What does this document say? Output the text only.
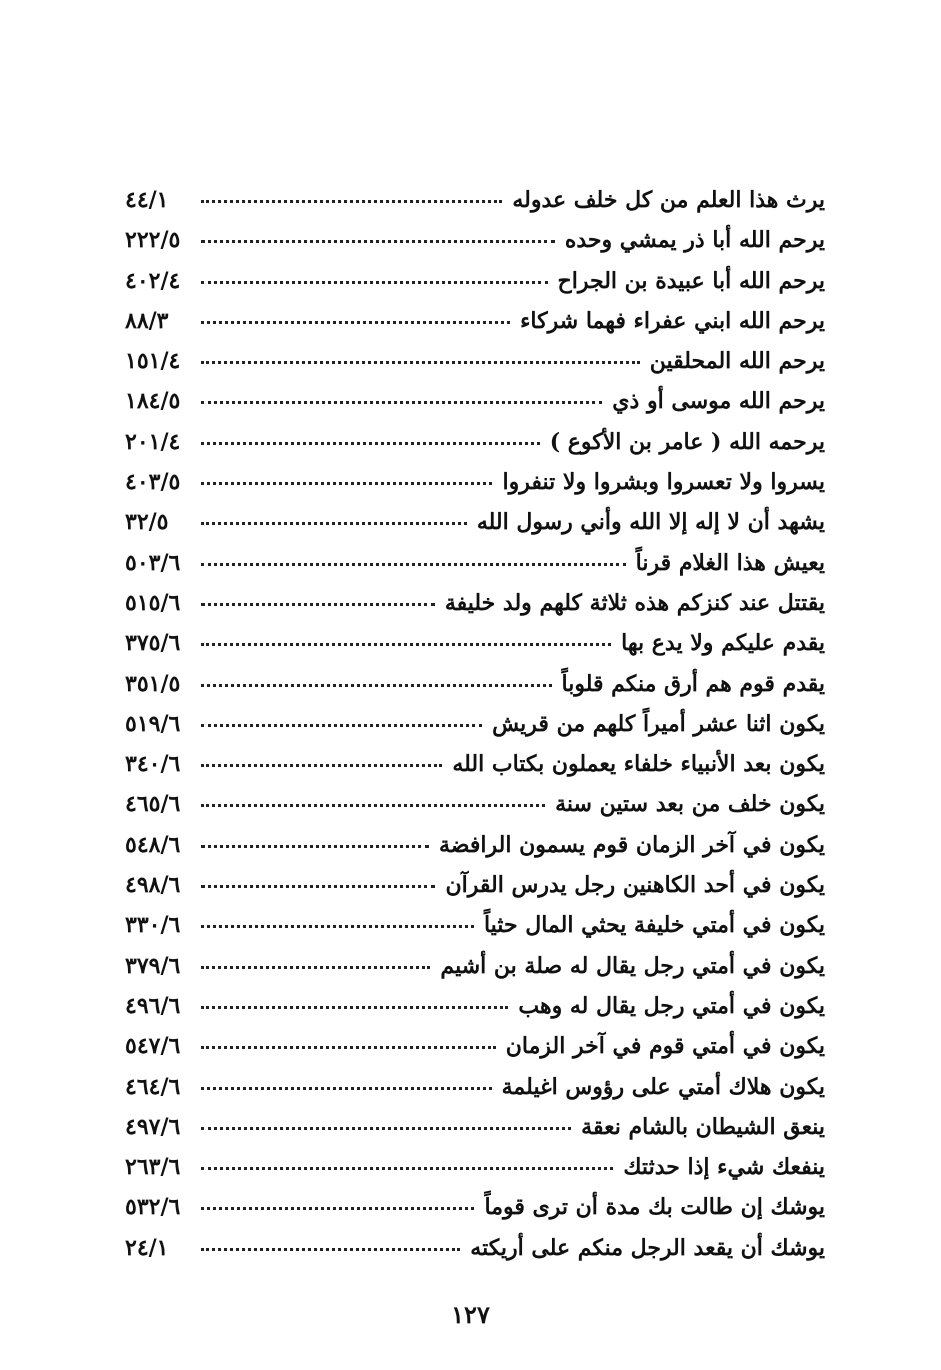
يرث هذا العلم من كل خلف عدوله
٤٤/١
يرحم الله أبا ذر يمشي وحده
٢٢٢/٥
يرحم الله أبا عبيدة بن الجراح
٤٠٢/٤
يرحم الله ابني عفراء فهما شركاء
٨٨/٣
يرحم الله المحلقين
١٥١/٤
يرحم الله موسى أو ذي
١٨٤/٥
يرحمه الله ( عامر بن الأكوع )
٢٠١/٤
يسروا ولا تعسروا وبشروا ولا تنفروا
٤٠٣/٥
يشهد أن لا إله إلا الله وأني رسول الله
٣٢/٥
يعيش هذا الغلام قرناً
٥٠٣/٦
يقتتل عند كنزكم هذه ثلاثة كلهم ولد خليفة
٥١٥/٦
يقدم عليكم ولا يدع بها
٣٧٥/٦
يقدم قوم هم أرق منكم قلوباً
٣٥١/٥
يكون اثنا عشر أميراً كلهم من قريش
٥١٩/٦
يكون بعد الأنبياء خلفاء يعملون بكتاب الله
٣٤٠/٦
يكون خلف من بعد ستين سنة
٤٦٥/٦
يكون في آخر الزمان قوم يسمون الرافضة
٥٤٨/٦
يكون في أحد الكاهنين رجل يدرس القرآن
٤٩٨/٦
يكون في أمتي خليفة يحثي المال حثياً
٣٣٠/٦
يكون في أمتي رجل يقال له صلة بن أشيم
٣٧٩/٦
يكون في أمتي رجل يقال له وهب
٤٩٦/٦
يكون في أمتي قوم في آخر الزمان
٥٤٧/٦
يكون هلاك أمتي على رؤوس اغيلمة
٤٦٤/٦
ينعق الشيطان بالشام نعقة
٤٩٧/٦
ينفعك شيء إذا حدثتك
٢٦٣/٦
يوشك إن طالت بك مدة أن ترى قوماً
٥٣٢/٦
يوشك أن يقعد الرجل منكم على أريكته
٢٤/١
١٢٧
